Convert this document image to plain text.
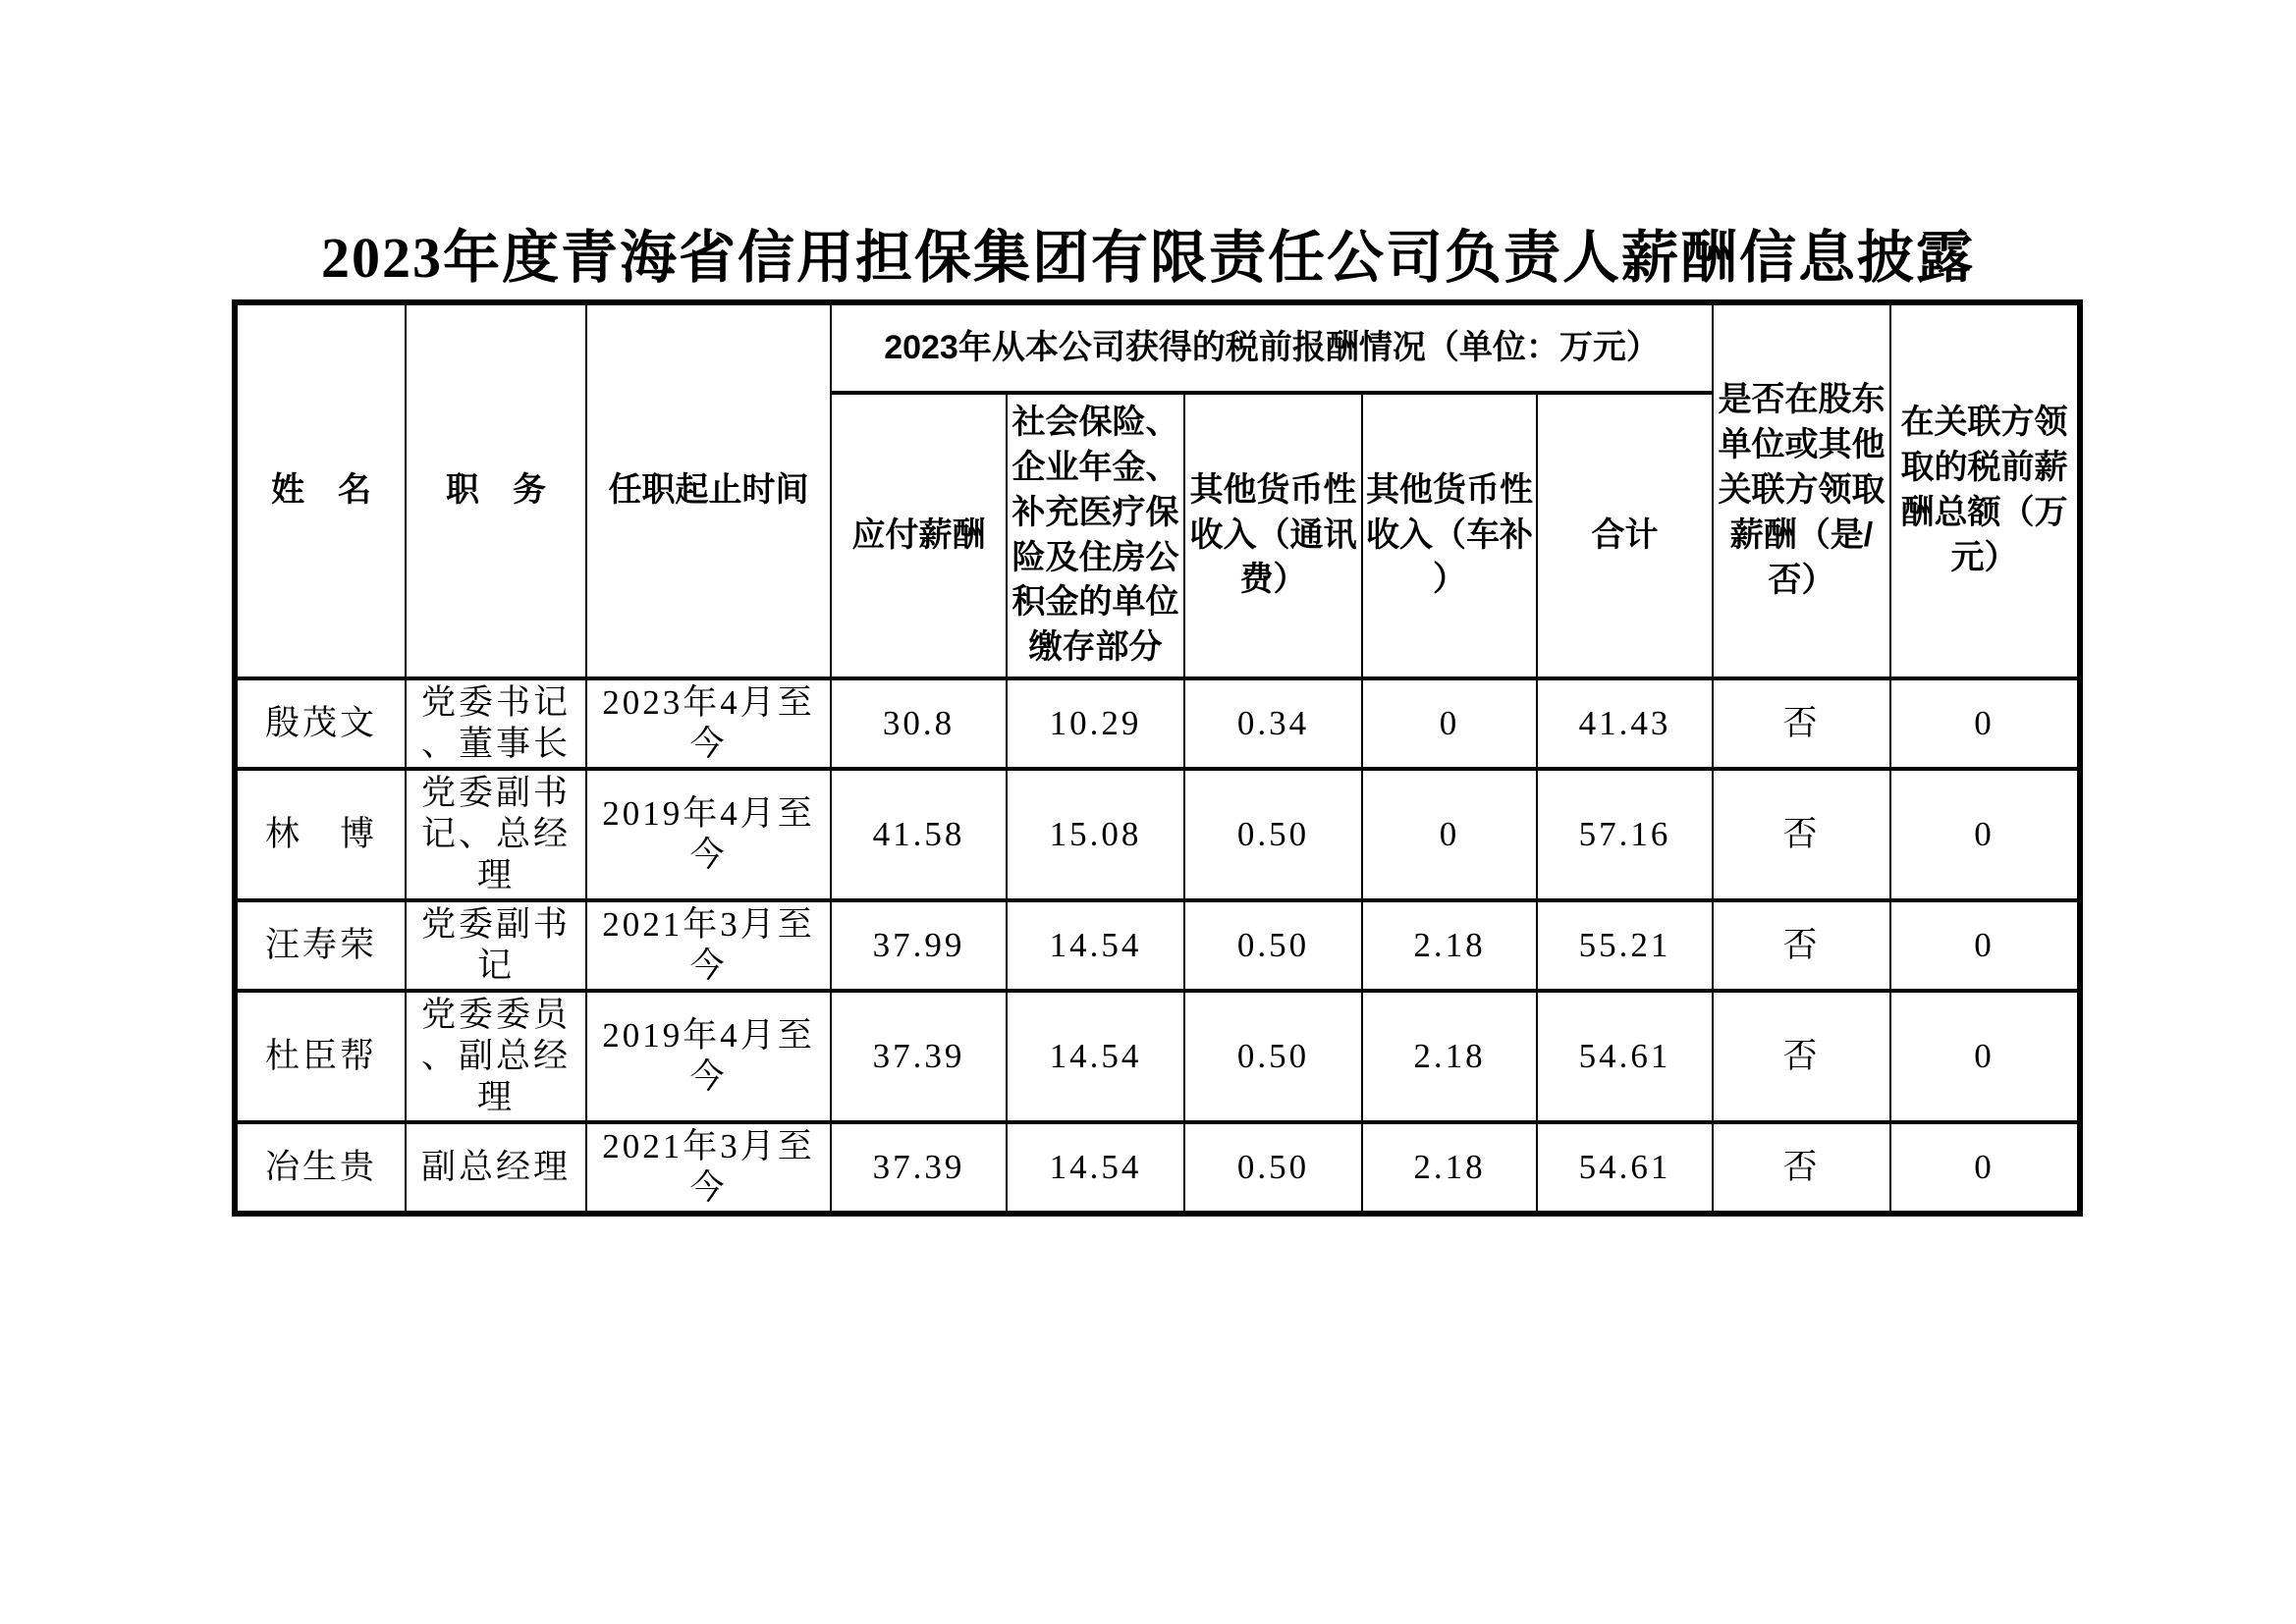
2023年度青海省信用担保集团有限责任公司负责人薪酬信息披露
姓　名	职　务	任职起止时间	2023年从本公司获得的税前报酬情况（单位：万元）					是否在股东单位或其他关联方领取薪酬（是/否）	在关联方领取的税前薪酬总额（万元）
			应付薪酬	社会保险、企业年金、补充医疗保险及住房公积金的单位缴存部分	其他货币性收入（通讯费）	其他货币性收入（车补）	合计		
殷茂文	党委书记、董事长	2023年4月至今	30.8	10.29	0.34	0	41.43	否	0
林　博	党委副书记、总经理	2019年4月至今	41.58	15.08	0.50	0	57.16	否	0
汪寿荣	党委副书记	2021年3月至今	37.99	14.54	0.50	2.18	55.21	否	0
杜臣帮	党委委员、副总经理	2019年4月至今	37.39	14.54	0.50	2.18	54.61	否	0
冶生贵	副总经理	2021年3月至今	37.39	14.54	0.50	2.18	54.61	否	0
